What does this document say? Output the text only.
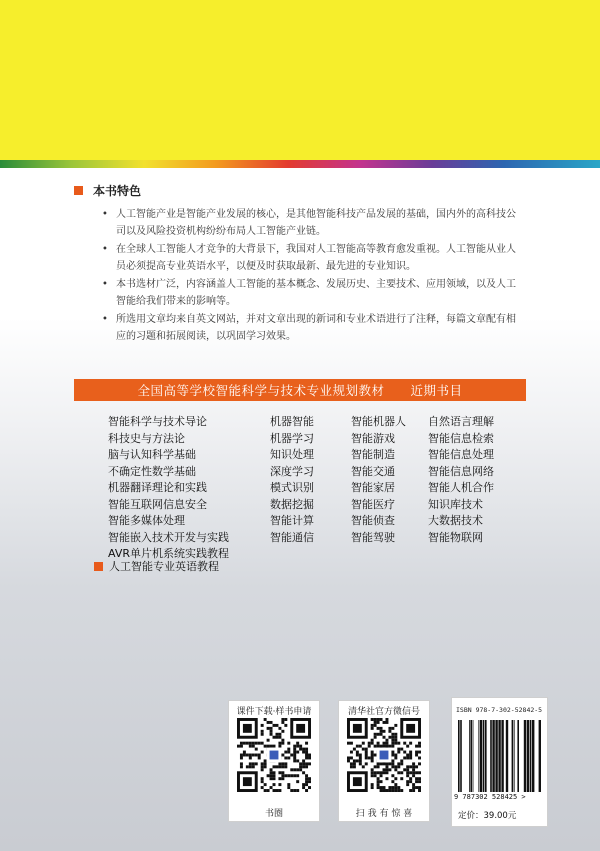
本书特色
• 人工智能产业是智能产业发展的核心，是其他智能科技产品发展的基础，国内外的高科技公司以及风险投资机构纷纷布局人工智能产业链。
• 在全球人工智能人才竞争的大背景下，我国对人工智能高等教育愈发重视。人工智能从业人员必须提高专业英语水平，以便及时获取最新、最先进的专业知识。
• 本书选材广泛，内容涵盖人工智能的基本概念、发展历史、主要技术、应用领域，以及人工智能给我们带来的影响等。
• 所选用文章均来自英文网站，并对文章出现的新词和专业术语进行了注释，每篇文章配有相应的习题和拓展阅读，以巩固学习效果。
全国高等学校智能科学与技术专业规划教材 近期书目
智能科学与技术导论
科技史与方法论
脑与认知科学基础
不确定性数学基础
机器翻译理论和实践
智能互联网信息安全
智能多媒体处理
智能嵌入技术开发与实践
AVR单片机系统实践教程
机器智能
机器学习
知识处理
深度学习
模式识别
数据挖掘
智能计算
智能通信
智能机器人
智能游戏
智能制造
智能交通
智能家居
智能医疗
智能侦查
智能驾驶
自然语言理解
智能信息检索
智能信息处理
智能信息网络
智能人机合作
知识库技术
大数据技术
智能物联网
人工智能专业英语教程
课件下载·样书申请
书圈
清华社官方微信号
扫 我 有 惊 喜
ISBN 978-7-302-52842-5
9 787302 528425 >
定价：39.00元
